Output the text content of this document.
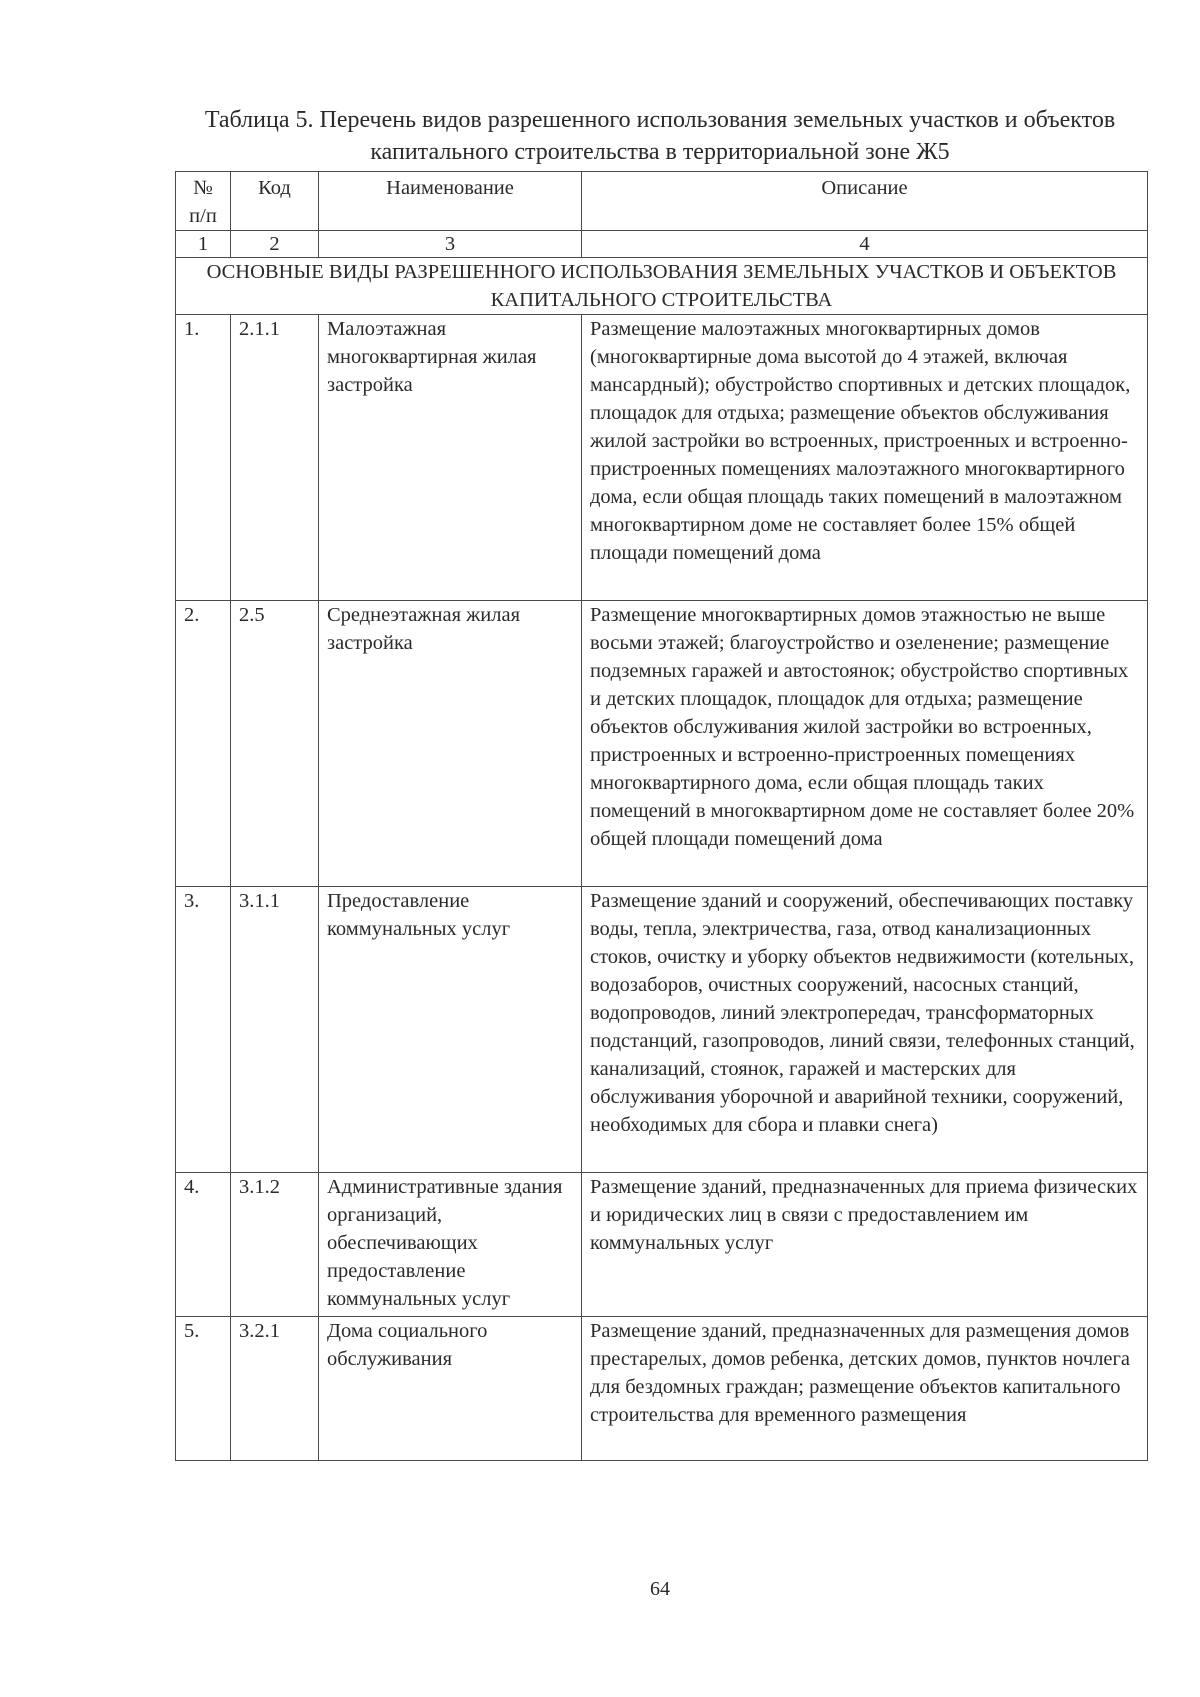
Таблица 5. Перечень видов разрешенного использования земельных участков и объектов капитального строительства в территориальной зоне Ж5
№ п/п	Код	Наименование	Описание
1	2	3	4
ОСНОВНЫЕ ВИДЫ РАЗРЕШЕННОГО ИСПОЛЬЗОВАНИЯ ЗЕМЕЛЬНЫХ УЧАСТКОВ И ОБЪЕКТОВ КАПИТАЛЬНОГО СТРОИТЕЛЬСТВА			
1.	2.1.1	Малоэтажная многоквартирная жилая застройка	Размещение малоэтажных многоквартирных домов (многоквартирные дома высотой до 4 этажей, включая мансардный); обустройство спортивных и детских площадок, площадок для отдыха; размещение объектов обслуживания жилой застройки во встроенных, пристроенных и встроенно-пристроенных помещениях малоэтажного многоквартирного дома, если общая площадь таких помещений в малоэтажном многоквартирном доме не составляет более 15% общей площади помещений дома
2.	2.5	Среднеэтажная жилая застройка	Размещение многоквартирных домов этажностью не выше восьми этажей; благоустройство и озеленение; размещение подземных гаражей и автостоянок; обустройство спортивных и детских площадок, площадок для отдыха; размещение объектов обслуживания жилой застройки во встроенных, пристроенных и встроенно-пристроенных помещениях многоквартирного дома, если общая площадь таких помещений в многоквартирном доме не составляет более 20% общей площади помещений дома
3.	3.1.1	Предоставление коммунальных услуг	Размещение зданий и сооружений, обеспечивающих поставку воды, тепла, электричества, газа, отвод канализационных стоков, очистку и уборку объектов недвижимости (котельных, водозаборов, очистных сооружений, насосных станций, водопроводов, линий электропередач, трансформаторных подстанций, газопроводов, линий связи, телефонных станций, канализаций, стоянок, гаражей и мастерских для обслуживания уборочной и аварийной техники, сооружений, необходимых для сбора и плавки снега)
4.	3.1.2	Административные здания организаций, обеспечивающих предоставление коммунальных услуг	Размещение зданий, предназначенных для приема физических и юридических лиц в связи с предоставлением им коммунальных услуг
5.	3.2.1	Дома социального обслуживания	Размещение зданий, предназначенных для размещения домов престарелых, домов ребенка, детских домов, пунктов ночлега для бездомных граждан; размещение объектов капитального строительства для временного размещения
64
